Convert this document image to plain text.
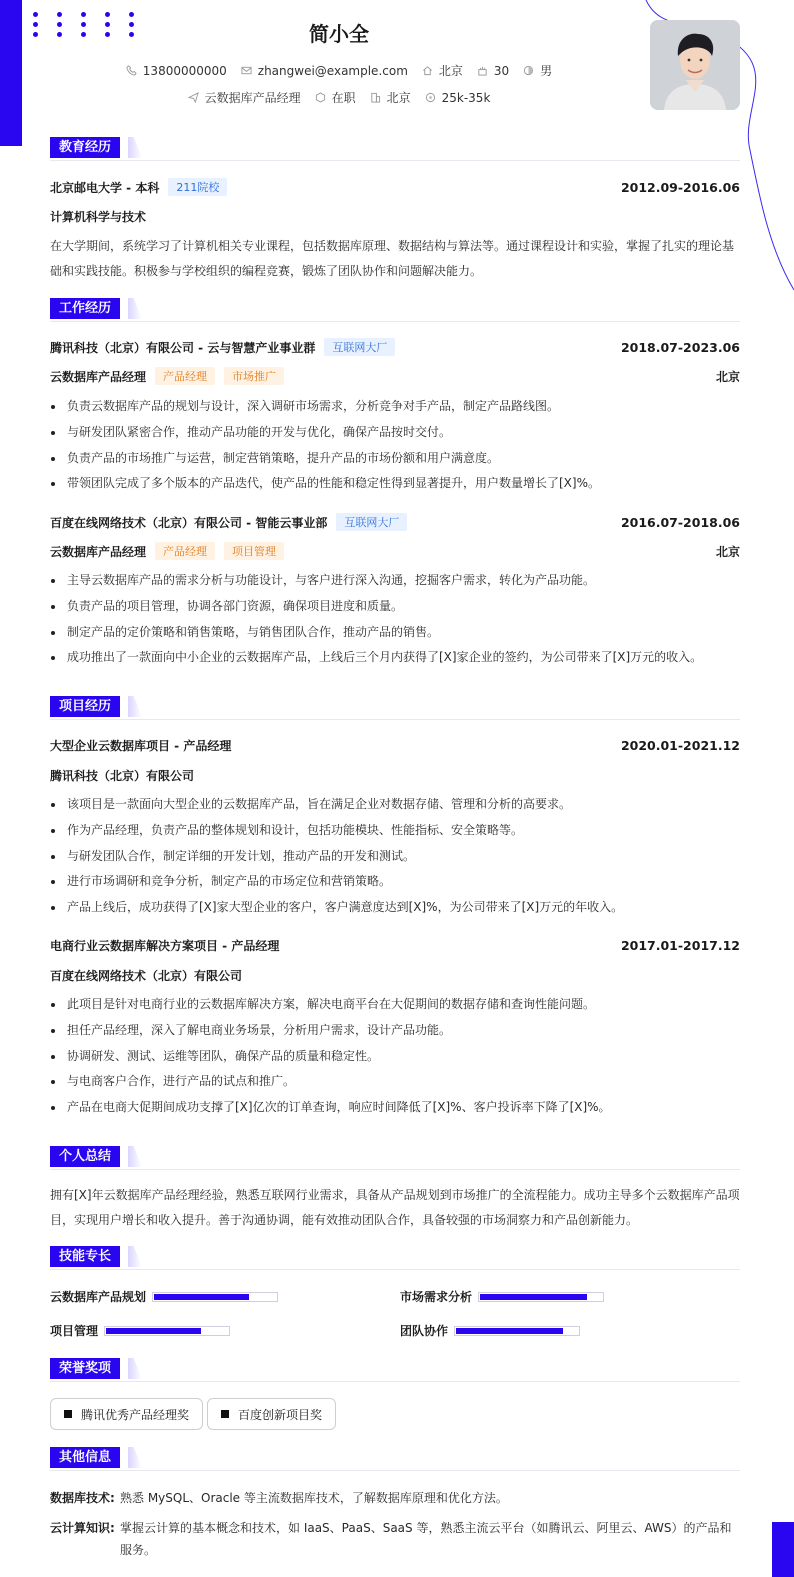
简小全
13800000000	zhangwei@example.com	北京	30	男
云数据库产品经理	在职	北京	25k-35k
教育经历
北京邮电大学 - 本科	211院校	2012.09-2016.06
计算机科学与技术
在大学期间，系统学习了计算机相关专业课程，包括数据库原理、数据结构与算法等。通过课程设计和实验，掌握了扎实的理论基础和实践技能。积极参与学校组织的编程竞赛，锻炼了团队协作和问题解决能力。
工作经历
腾讯科技（北京）有限公司 - 云与智慧产业事业群	互联网大厂	2018.07-2023.06
云数据库产品经理	产品经理	市场推广	北京
负责云数据库产品的规划与设计，深入调研市场需求，分析竞争对手产品，制定产品路线图。
与研发团队紧密合作，推动产品功能的开发与优化，确保产品按时交付。
负责产品的市场推广与运营，制定营销策略，提升产品的市场份额和用户满意度。
带领团队完成了多个版本的产品迭代，使产品的性能和稳定性得到显著提升，用户数量增长了[X]%。
百度在线网络技术（北京）有限公司 - 智能云事业部	互联网大厂	2016.07-2018.06
云数据库产品经理	产品经理	项目管理	北京
主导云数据库产品的需求分析与功能设计，与客户进行深入沟通，挖掘客户需求，转化为产品功能。
负责产品的项目管理，协调各部门资源，确保项目进度和质量。
制定产品的定价策略和销售策略，与销售团队合作，推动产品的销售。
成功推出了一款面向中小企业的云数据库产品，上线后三个月内获得了[X]家企业的签约，为公司带来了[X]万元的收入。
项目经历
大型企业云数据库项目 - 产品经理	2020.01-2021.12
腾讯科技（北京）有限公司
该项目是一款面向大型企业的云数据库产品，旨在满足企业对数据存储、管理和分析的高要求。
作为产品经理，负责产品的整体规划和设计，包括功能模块、性能指标、安全策略等。
与研发团队合作，制定详细的开发计划，推动产品的开发和测试。
进行市场调研和竞争分析，制定产品的市场定位和营销策略。
产品上线后，成功获得了[X]家大型企业的客户，客户满意度达到[X]%，为公司带来了[X]万元的年收入。
电商行业云数据库解决方案项目 - 产品经理	2017.01-2017.12
百度在线网络技术（北京）有限公司
此项目是针对电商行业的云数据库解决方案，解决电商平台在大促期间的数据存储和查询性能问题。
担任产品经理，深入了解电商业务场景，分析用户需求，设计产品功能。
协调研发、测试、运维等团队，确保产品的质量和稳定性。
与电商客户合作，进行产品的试点和推广。
产品在电商大促期间成功支撑了[X]亿次的订单查询，响应时间降低了[X]%、客户投诉率下降了[X]%。
个人总结
拥有[X]年云数据库产品经理经验，熟悉互联网行业需求，具备从产品规划到市场推广的全流程能力。成功主导多个云数据库产品项目，实现用户增长和收入提升。善于沟通协调，能有效推动团队合作，具备较强的市场洞察力和产品创新能力。
技能专长
云数据库产品规划	市场需求分析
项目管理	团队协作
荣誉奖项
腾讯优秀产品经理奖	百度创新项目奖
其他信息
数据库技术: 熟悉 MySQL、Oracle 等主流数据库技术，了解数据库原理和优化方法。
云计算知识: 掌握云计算的基本概念和技术，如 IaaS、PaaS、SaaS 等，熟悉主流云平台（如腾讯云、阿里云、AWS）的产品和服务。
